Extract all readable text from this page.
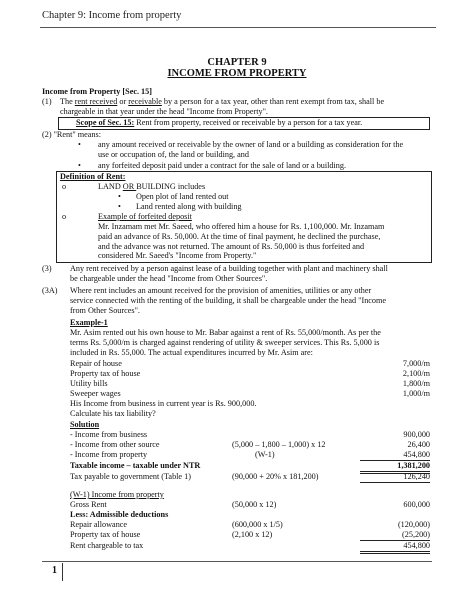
Chapter 9: Income from property
CHAPTER 9
INCOME FROM PROPERTY
Income from Property [Sec. 15]
(1) The rent received or receivable by a person for a tax year, other than rent exempt from tax, shall be
chargeable in that year under the head "Income from Property".
Scope of Sec. 15: Rent from property, received or receivable by a person for a tax year.
(2) "Rent" means:
• any amount received or receivable by the owner of land or a building as consideration for the
use or occupation of, the land or building, and
• any forfeited deposit paid under a contract for the sale of land or a building.
Definition of Rent:
o	LAND OR BUILDING includes
• Open plot of land rented out
• Land rented along with building
o	Example of forfeited deposit
Mr. Inzamam met Mr. Saeed, who offered him a house for Rs. 1,100,000. Mr. Inzamam
paid an advance of Rs. 50,000. At the time of final payment, he declined the purchase,
and the advance was not returned. The amount of Rs. 50,000 is thus forfeited and
considered Mr. Saeed's "Income from Property."
(3) Any rent received by a person against lease of a building together with plant and machinery shall
be chargeable under the head "Income from Other Sources".
(3A) Where rent includes an amount received for the provision of amenities, utilities or any other
service connected with the renting of the building, it shall be chargeable under the head "Income
from Other Sources".
Example-1
Mr. Asim rented out his own house to Mr. Babar against a rent of Rs. 55,000/month. As per the
terms Rs. 5,000/m is charged against rendering of utility & sweeper services. This Rs. 5,000 is
included in Rs. 55,000. The actual expenditures incurred by Mr. Asim are:
Repair of house	7,000/m
Property tax of house	2,100/m
Utility bills	1,800/m
Sweeper wages	1,000/m
His Income from business in current year is Rs. 900,000.
Calculate his tax liability?
Solution
- Income from business	900,000
- Income from other source	(5,000 – 1,800 – 1,000) x 12	26,400
- Income from property	(W-1)	454,800
Taxable income – taxable under NTR	1,381,200
Tax payable to government (Table 1)	(90,000 + 20% x 181,200)	126,240
(W-1) Income from property
Gross Rent	(50,000 x 12)	600,000
Less: Admissible deductions
Repair allowance	(600,000 x 1/5)	(120,000)
Property tax of house	(2,100 x 12)	(25,200)
Rent chargeable to tax	454,800
1
